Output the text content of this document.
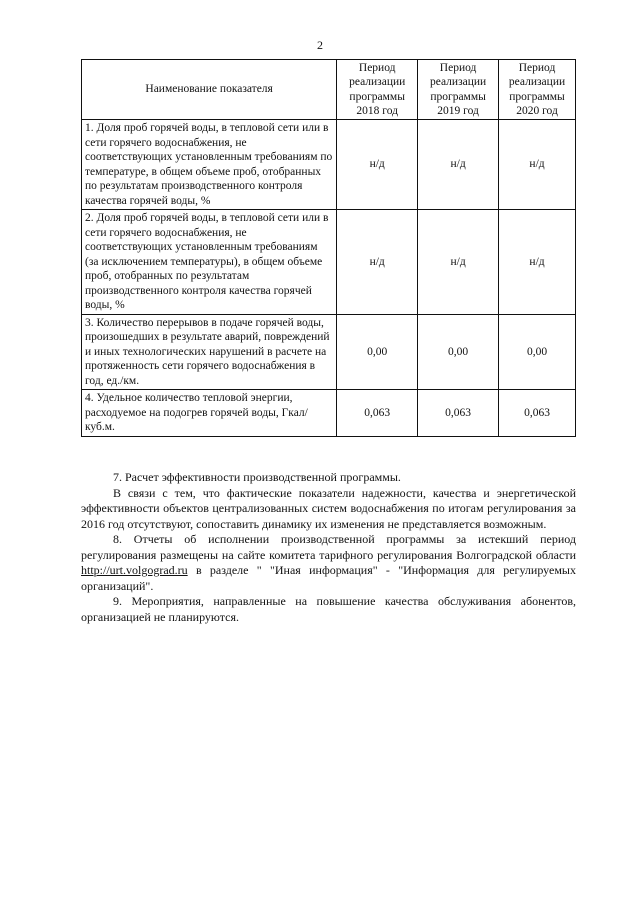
2
Наименование показателя	Период реализации программы 2018 год	Период реализации программы 2019 год	Период реализации программы 2020 год
1. Доля проб горячей воды, в тепловой сети или в сети горячего водоснабжения, не соответствующих установленным требованиям по температуре, в общем объеме проб, отобранных по результатам производственного контроля качества горячей воды, %	н/д	н/д	н/д
2. Доля проб горячей воды, в тепловой сети или в сети горячего водоснабжения, не соответствующих установленным требованиям (за исключением температуры), в общем объеме проб, отобранных по результатам производственного контроля качества горячей воды, %	н/д	н/д	н/д
3. Количество перерывов в подаче горячей воды, произошедших в результате аварий, повреждений и иных технологических нарушений в расчете на протяженность сети горячего водоснабжения в год, ед./км.	0,00	0,00	0,00
4. Удельное количество тепловой энергии, расходуемое на подогрев горячей воды, Гкал/куб.м.	0,063	0,063	0,063

7. Расчет эффективности производственной программы.

В связи с тем, что фактические показатели надежности, качества и энергетической эффективности объектов централизованных систем водоснабжения по итогам регулирования за 2016 год отсутствуют, сопоставить динамику их изменения не представляется возможным.

8. Отчеты об исполнении производственной программы за истекший период регулирования размещены на сайте комитета тарифного регулирования Волгоградской области http://urt.volgograd.ru в разделе " "Иная информация" - "Информация для регулируемых организаций".

9. Мероприятия, направленные на повышение качества обслуживания абонентов, организацией не планируются.
